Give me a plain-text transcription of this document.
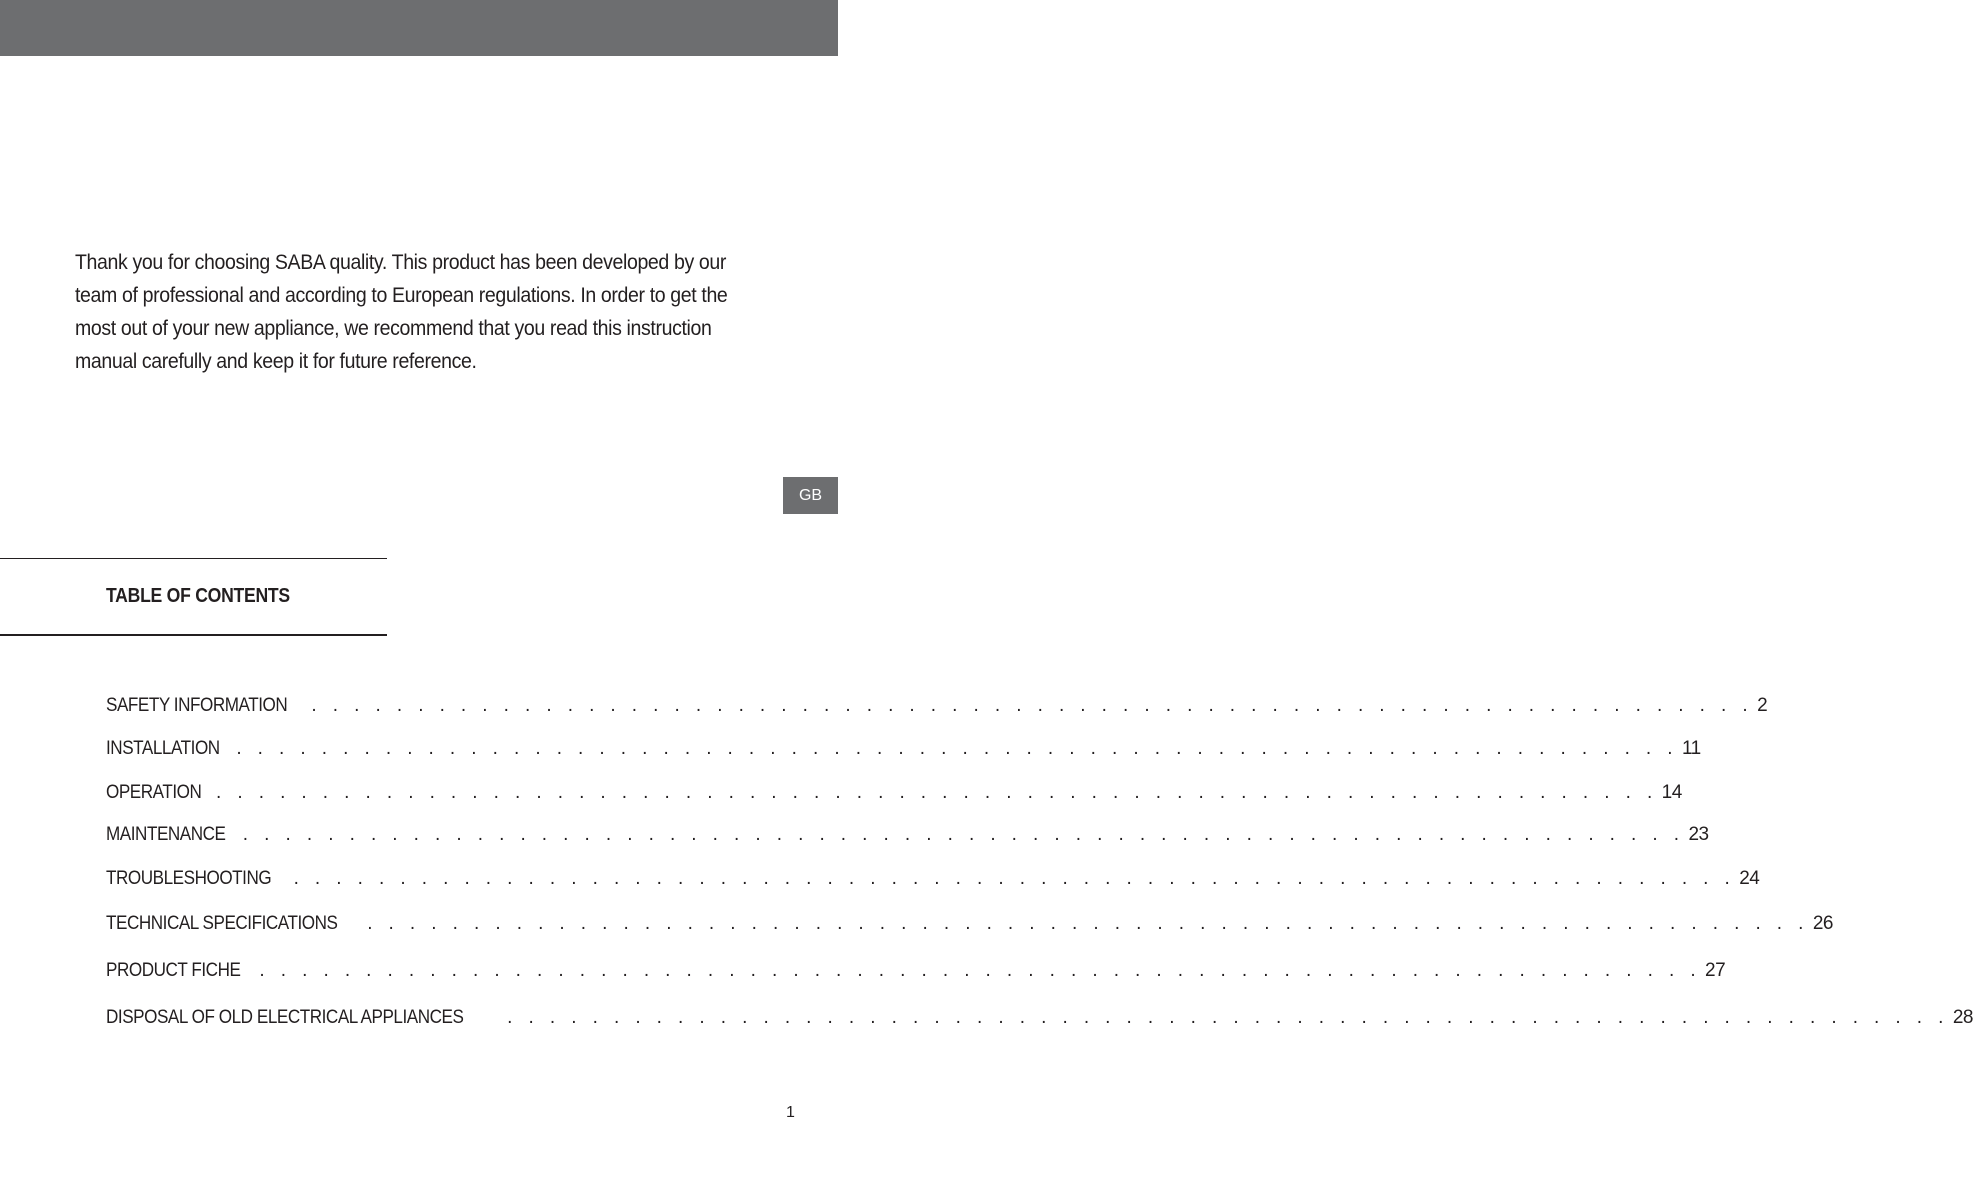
Thank you for choosing SABA quality. This product has been developed by our
team of professional and according to European regulations. In order to get the
most out of your new appliance, we recommend that you read this instruction
manual carefully and keep it for future reference.
GB
TABLE OF CONTENTS
SAFETY INFORMATION . . . . . . . . . . . . . . . . . . . . . . . . . . . . . . . . . . . . . . . . . . . . . . . . . . . . . . . . . . . . . . . . . . . . 2
INSTALLATION . . . . . . . . . . . . . . . . . . . . . . . . . . . . . . . . . . . . . . . . . . . . . . . . . . . . . . . . . . . . . . . . . . . . 11
OPERATION . . . . . . . . . . . . . . . . . . . . . . . . . . . . . . . . . . . . . . . . . . . . . . . . . . . . . . . . . . . . . . . . . . . . 14
MAINTENANCE . . . . . . . . . . . . . . . . . . . . . . . . . . . . . . . . . . . . . . . . . . . . . . . . . . . . . . . . . . . . . . . . . . . . 23
TROUBLESHOOTING . . . . . . . . . . . . . . . . . . . . . . . . . . . . . . . . . . . . . . . . . . . . . . . . . . . . . . . . . . . . . . . . . . . . 24
TECHNICAL SPECIFICATIONS . . . . . . . . . . . . . . . . . . . . . . . . . . . . . . . . . . . . . . . . . . . . . . . . . . . . . . . . . . . . . . . . . . . . 26
PRODUCT FICHE . . . . . . . . . . . . . . . . . . . . . . . . . . . . . . . . . . . . . . . . . . . . . . . . . . . . . . . . . . . . . . . . . . . . 27
DISPOSAL OF OLD ELECTRICAL APPLIANCES . . . . . . . . . . . . . . . . . . . . . . . . . . . . . . . . . . . . . . . . . . . . . . . . . . . . . . . . . . . . . . . . . . . . 28
1
